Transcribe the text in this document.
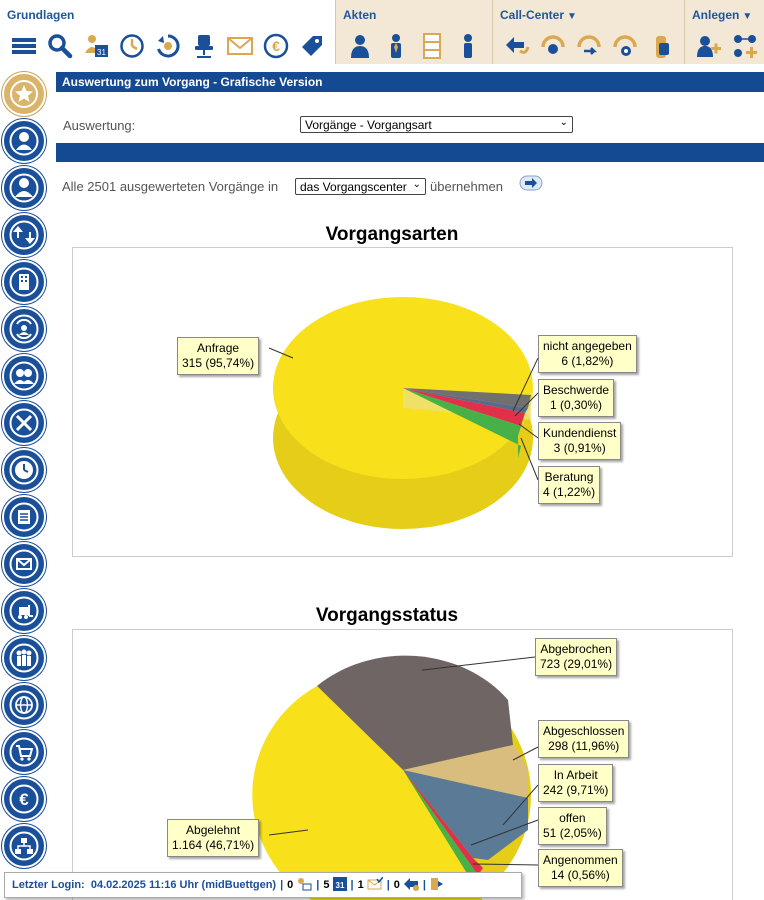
Grundlagen
31	€
Akten	Call-Center ▼	Anlegen ▼
€
Auswertung zum Vorgang - Grafische Version
Auswertung:	Vorgänge - Vorgangsart	⌄
Alle 2501 ausgewerteten Vorgänge in	das Vorgangscenter ⌄ übernehmen
Vorgangsarten
Anfrage
315 (95,74%)
nicht angegeben
6 (1,82%)
Beschwerde
1 (0,30%)
Kundendienst
3 (0,91%)
Beratung
4 (1,22%)
Vorgangsstatus
Abgebrochen
723 (29,01%)
Abgeschlossen
298 (11,96%)
In Arbeit
242 (9,71%)
offen
51 (2,05%)
Angenommen
14 (0,56%)
Abgelehnt
1.164 (46,71%)
Letzter Login:
04.02.2025 11:16 Uhr (midBuettgen) | 0 | 5 31 | 1 | 0 |
